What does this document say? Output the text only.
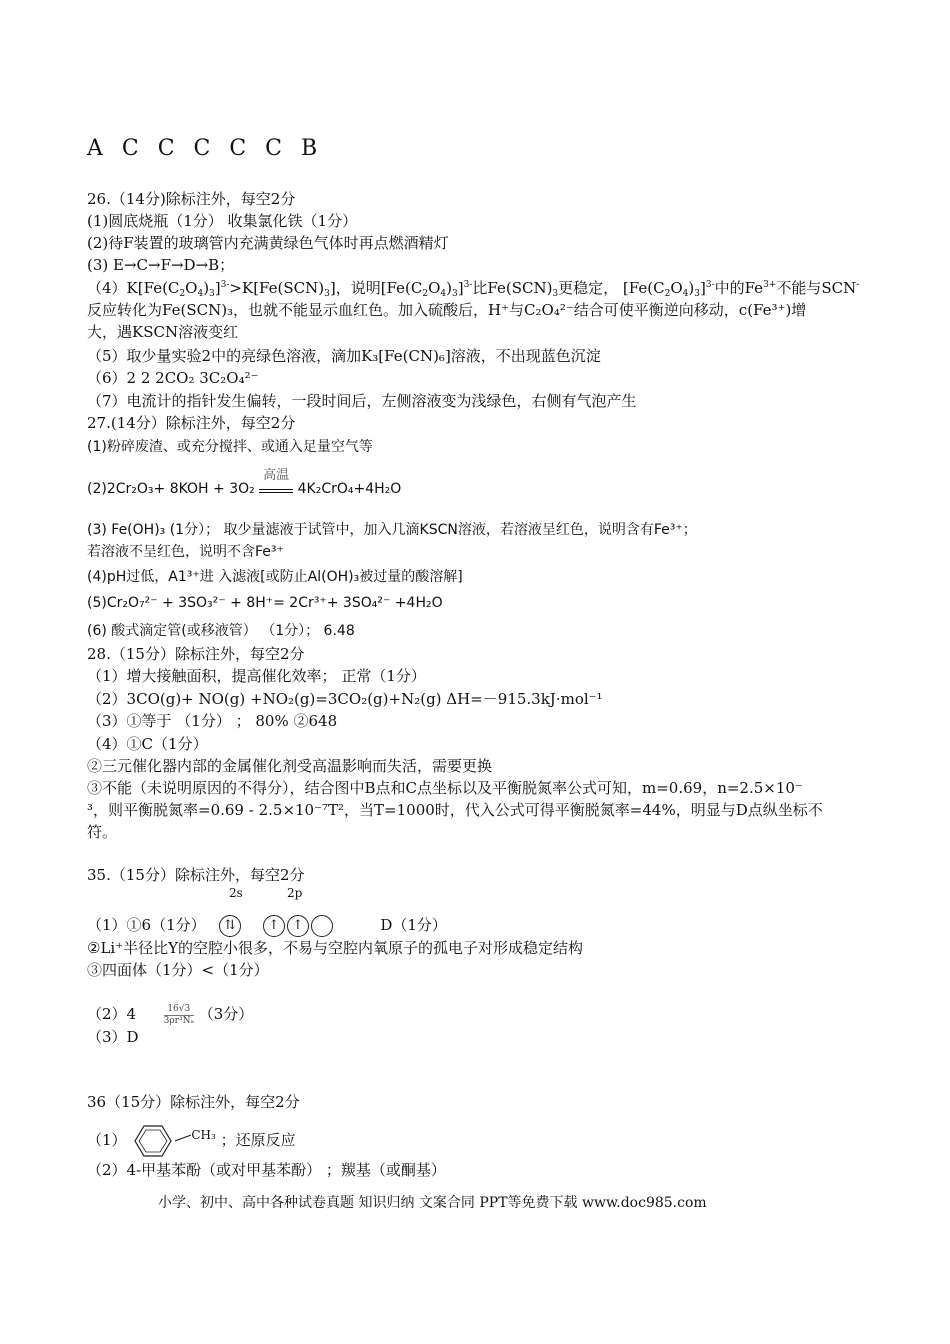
A C C C C C B
26.（14分)除标注外，每空2分
(1)圆底烧瓶（1分） 收集氯化铁（1分）
(2)待F装置的玻璃管内充满黄绿色气体时再点燃酒精灯
(3) E→C→F→D→B；
$(4)K[Fe(C_2O_4)_3]^{3-}>K[Fe(SCN)_3]$，说明$[Fe(C_2O_4)_3]^{3-}$比$Fe(SCN)_3$更稳定， $[Fe(C_2O_4)_3]^{3-}$中的$Fe^{3+}$不能与SCN-
反应转化为Fe(SCN)₃，也就不能显示血红色。加入硫酸后，H⁺与C₂O₄²⁻结合可使平衡逆向移动，c(Fe³⁺)增
大，遇KSCN溶液变红
（5）取少量实验2中的亮绿色溶液，滴加K₃[Fe(CN)₆]溶液，不出现蓝色沉淀
（6）2 2 2CO₂ 3C₂O₄²⁻
（7）电流计的指针发生偏转，一段时间后，左侧溶液变为浅绿色，右侧有气泡产生
27.(14分）除标注外，每空2分
(1)粉碎废渣、或充分搅拌、或通入足量空气等
(2)2Cr₂O₃+ 8KOH + 3O₂
高温
4K₂CrO₄+4H₂O
(3) Fe(OH)₃ (1分）； 取少量滤液于试管中，加入几滴KSCN溶液，若溶液呈红色，说明含有Fe³⁺；
若溶液不呈红色，说明不含Fe³⁺
(4)pH过低，A1³⁺进 入滤液[或防止Al(OH)₃被过量的酸溶解]
(5)Cr₂O₇²⁻ + 3SO₃²⁻ + 8H⁺= 2Cr³⁺+ 3SO₄²⁻ +4H₂O
(6) 酸式滴定管(或移液管） （1分）； 6.48
28.（15分）除标注外，每空2分
（1）增大接触面积，提高催化效率； 正常（1分）
（2）3CO(g)+ NO(g) +NO₂(g)=3CO₂(g)+N₂(g) ΔH=－915.3kJ·mol⁻¹
（3）①等于 （1分） ； 80% ②648
（4）①C（1分）
②三元催化器内部的金属催化剂受高温影响而失活，需要更换
③不能（未说明原因的不得分），结合图中B点和C点坐标以及平衡脱氮率公式可知，m=0.69，n=2.5×10⁻
³，则平衡脱氮率=0.69 - 2.5×10⁻⁷T²，当T=1000时，代入公式可得平衡脱氮率=44%，明显与D点纵坐标不
符。
35.（15分）除标注外，每空2分
2s	2p
（1）①6（1分） ⇅	↑ ↑	D（1分）
②Li⁺半径比Y的空腔小很多，不易与空腔内氧原子的孤电子对形成稳定结构
③四面体（1分）<（1分）
（2）4	$\frac{16√3}{\text{3ρr³Nₐ}} (3$分）
（3）D
36（15分）除标注外，每空2分
（1）	$^{CH_3}$ ；还原反应
（2）4-甲基苯酚（或对甲基苯酚） ；羰基（或酮基）
小学、初中、高中各种试卷真题 知识归纳 文案合同 PPT等免费下载 www.doc985.com
